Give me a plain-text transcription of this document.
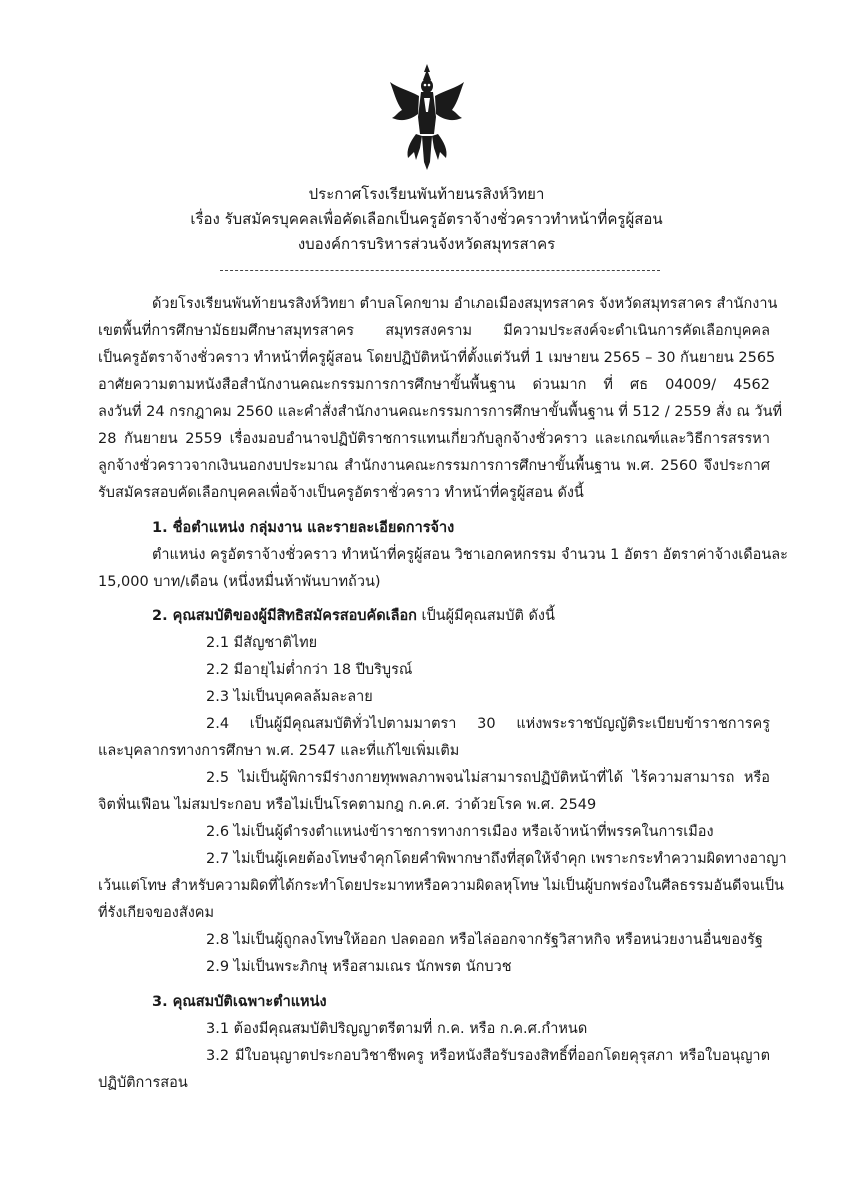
ประกาศโรงเรียนพันท้ายนรสิงห์วิทยา
เรื่อง รับสมัครบุคคลเพื่อคัดเลือกเป็นครูอัตราจ้างชั่วคราวทำหน้าที่ครูผู้สอน
งบองค์การบริหารส่วนจังหวัดสมุทรสาคร
ด้วยโรงเรียนพันท้ายนรสิงห์วิทยา ตำบลโคกขาม อำเภอเมืองสมุทรสาคร จังหวัดสมุทรสาคร สำนักงาน
เขตพื้นที่การศึกษามัธยมศึกษาสมุทรสาคร สมุทรสงคราม มีความประสงค์จะดำเนินการคัดเลือกบุคคล
เป็นครูอัตราจ้างชั่วคราว ทำหน้าที่ครูผู้สอน โดยปฏิบัติหน้าที่ตั้งแต่วันที่ 1 เมษายน 2565 – 30 กันยายน 2565
อาศัยความตามหนังสือสำนักงานคณะกรรมการการศึกษาขั้นพื้นฐาน ด่วนมาก ที่ ศธ 04009/ 4562
ลงวันที่ 24 กรกฎาคม 2560 และคำสั่งสำนักงานคณะกรรมการการศึกษาขั้นพื้นฐาน ที่ 512 / 2559 สั่ง ณ วันที่
28 กันยายน 2559 เรื่องมอบอำนาจปฏิบัติราชการแทนเกี่ยวกับลูกจ้างชั่วคราว และเกณฑ์และวิธีการสรรหา
ลูกจ้างชั่วคราวจากเงินนอกงบประมาณ สำนักงานคณะกรรมการการศึกษาขั้นพื้นฐาน พ.ศ. 2560 จึงประกาศ
รับสมัครสอบคัดเลือกบุคคลเพื่อจ้างเป็นครูอัตราชั่วคราว ทำหน้าที่ครูผู้สอน ดังนี้
1. ชื่อตำแหน่ง กลุ่มงาน และรายละเอียดการจ้าง
ตำแหน่ง ครูอัตราจ้างชั่วคราว ทำหน้าที่ครูผู้สอน วิชาเอกคหกรรม จำนวน 1 อัตรา อัตราค่าจ้างเดือนละ
15,000 บาท/เดือน (หนึ่งหมื่นห้าพันบาทถ้วน)
2. คุณสมบัติของผู้มีสิทธิสมัครสอบคัดเลือก เป็นผู้มีคุณสมบัติ ดังนี้
2.1 มีสัญชาติไทย
2.2 มีอายุไม่ต่ำกว่า 18 ปีบริบูรณ์
2.3 ไม่เป็นบุคคลล้มละลาย
2.4 เป็นผู้มีคุณสมบัติทั่วไปตามมาตรา 30 แห่งพระราชบัญญัติระเบียบข้าราชการครู
และบุคลากรทางการศึกษา พ.ศ. 2547 และที่แก้ไขเพิ่มเติม
2.5 ไม่เป็นผู้พิการมีร่างกายทุพพลภาพจนไม่สามารถปฏิบัติหน้าที่ได้ ไร้ความสามารถ หรือ
จิตฟั่นเฟือน ไม่สมประกอบ หรือไม่เป็นโรคตามกฎ ก.ค.ศ. ว่าด้วยโรค พ.ศ. 2549
2.6 ไม่เป็นผู้ดำรงตำแหน่งข้าราชการทางการเมือง หรือเจ้าหน้าที่พรรคในการเมือง
2.7 ไม่เป็นผู้เคยต้องโทษจำคุกโดยคำพิพากษาถึงที่สุดให้จำคุก เพราะกระทำความผิดทางอาญา
เว้นแต่โทษ สำหรับความผิดที่ได้กระทำโดยประมาทหรือความผิดลหุโทษ ไม่เป็นผู้บกพร่องในศีลธรรมอันดีจนเป็น
ที่รังเกียจของสังคม
2.8 ไม่เป็นผู้ถูกลงโทษให้ออก ปลดออก หรือไล่ออกจากรัฐวิสาหกิจ หรือหน่วยงานอื่นของรัฐ
2.9 ไม่เป็นพระภิกษุ หรือสามเณร นักพรต นักบวช
3. คุณสมบัติเฉพาะตำแหน่ง
3.1 ต้องมีคุณสมบัติปริญญาตรีตามที่ ก.ค. หรือ ก.ค.ศ.กำหนด
3.2 มีใบอนุญาตประกอบวิชาชีพครู หรือหนังสือรับรองสิทธิ์ที่ออกโดยคุรุสภา หรือใบอนุญาต
ปฏิบัติการสอน
